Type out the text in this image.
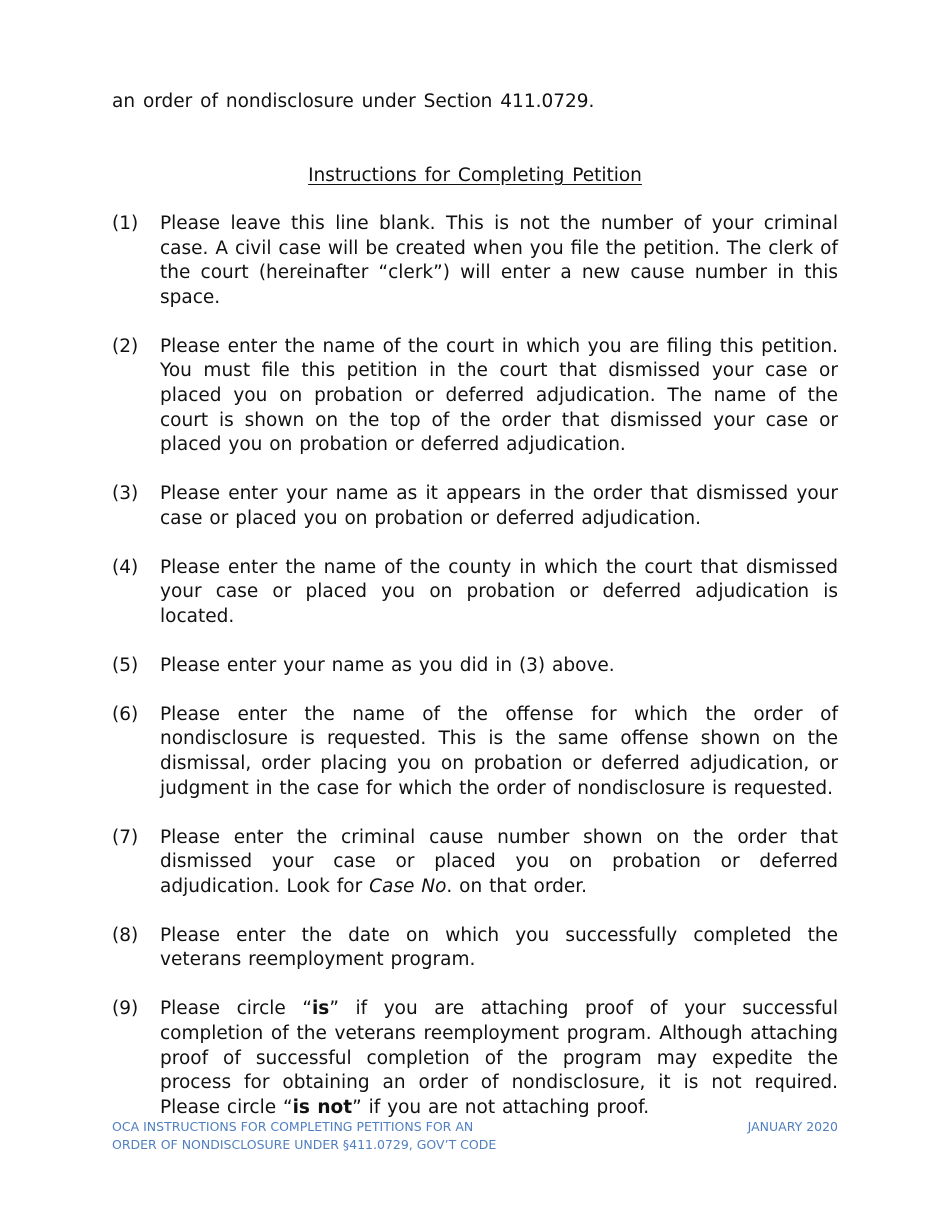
an order of nondisclosure under Section 411.0729.
Instructions for Completing Petition
(1)	Please leave this line blank. This is not the number of your criminal case. A civil case will be created when you file the petition. The clerk of the court (hereinafter “clerk”) will enter a new cause number in this space.
(2)	Please enter the name of the court in which you are filing this petition. You must file this petition in the court that dismissed your case or placed you on probation or deferred adjudication. The name of the court is shown on the top of the order that dismissed your case or placed you on probation or deferred adjudication.
(3)	Please enter your name as it appears in the order that dismissed your case or placed you on probation or deferred adjudication.
(4)	Please enter the name of the county in which the court that dismissed your case or placed you on probation or deferred adjudication is located.
(5)	Please enter your name as you did in (3) above.
(6)	Please enter the name of the offense for which the order of nondisclosure is requested. This is the same offense shown on the dismissal, order placing you on probation or deferred adjudication, or judgment in the case for which the order of nondisclosure is requested.
(7)	Please enter the criminal cause number shown on the order that dismissed your case or placed you on probation or deferred adjudication. Look for Case No. on that order.
(8)	Please enter the date on which you successfully completed the veterans reemployment program.
(9)	Please circle “is” if you are attaching proof of your successful completion of the veterans reemployment program. Although attaching proof of successful completion of the program may expedite the process for obtaining an order of nondisclosure, it is not required. Please circle “is not” if you are not attaching proof.
OCA INSTRUCTIONS FOR COMPLETING PETITIONS FOR AN
ORDER OF NONDISCLOSURE UNDER §411.0729, GOV’T CODE
JANUARY 2020
